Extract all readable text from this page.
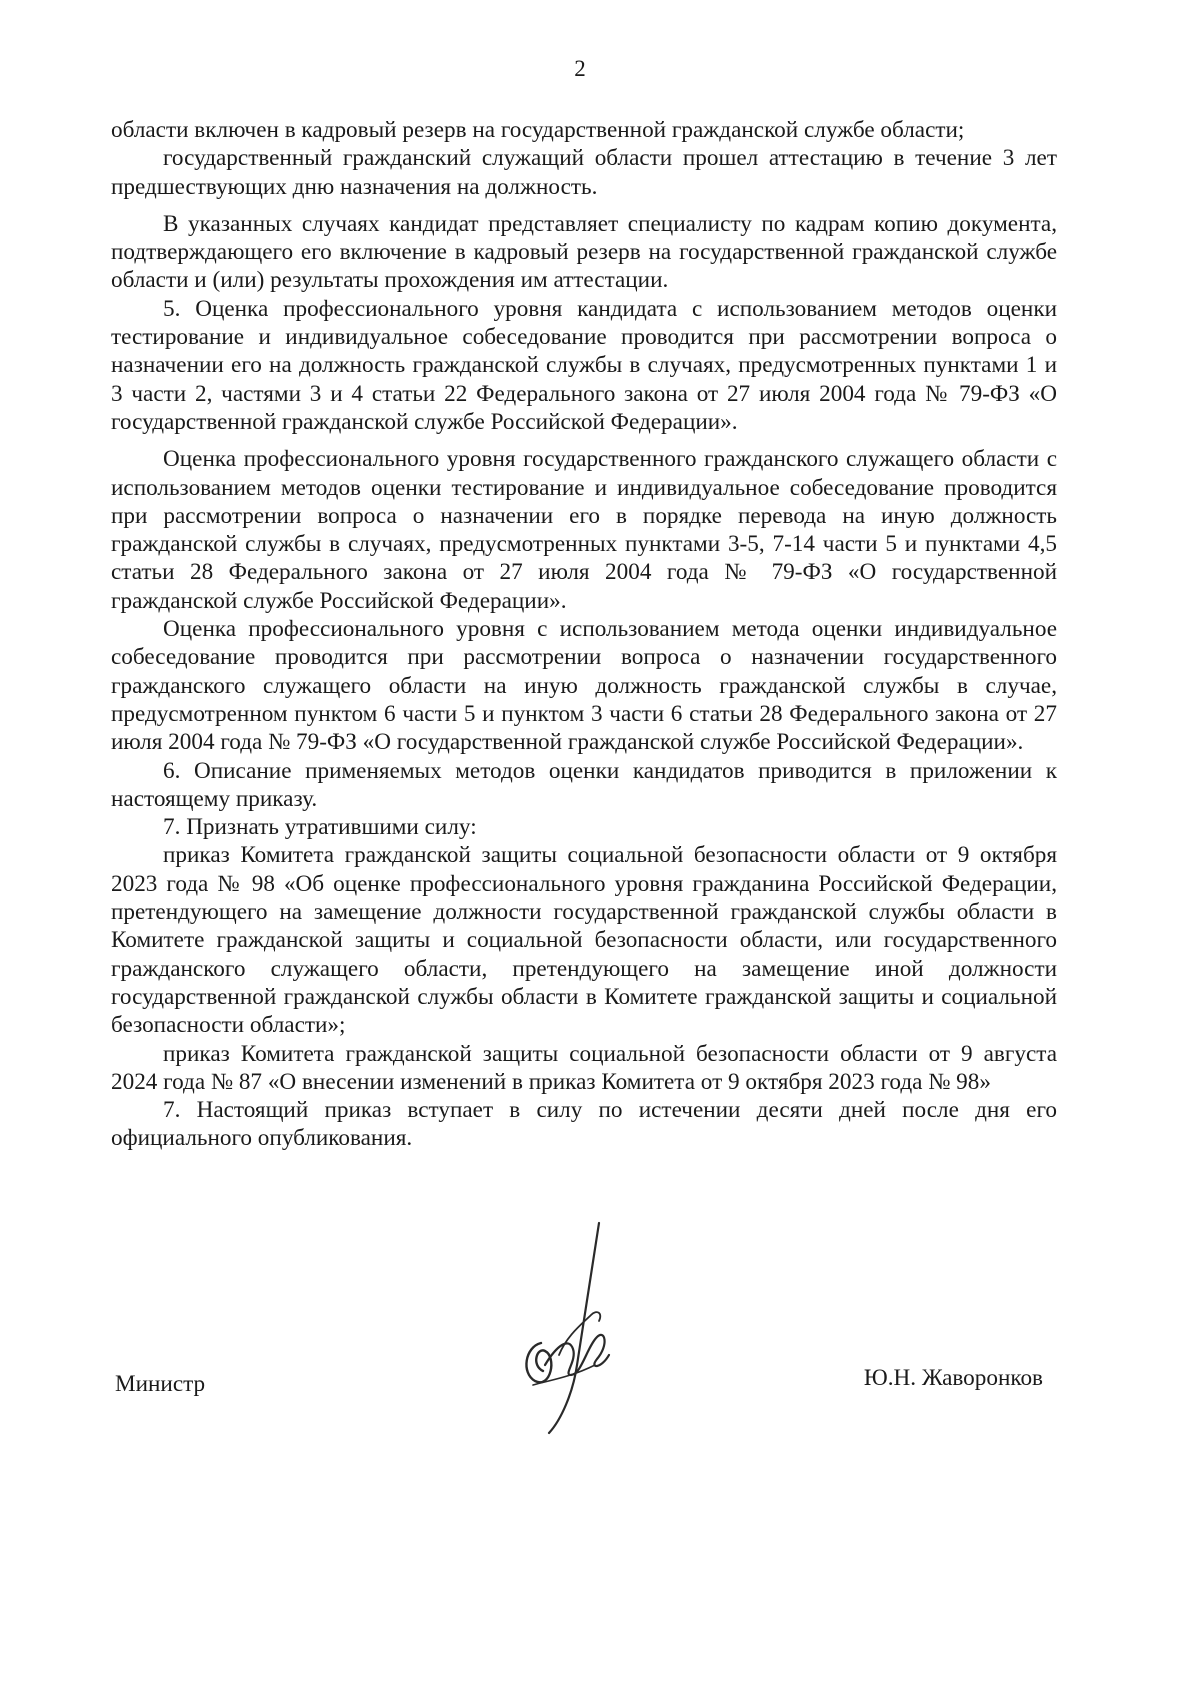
2

области включен в кадровый резерв на государственной гражданской службе области;

государственный гражданский служащий области прошел аттестацию в течение 3 лет предшествующих дню назначения на должность.

В указанных случаях кандидат представляет специалисту по кадрам копию документа, подтверждающего его включение в кадровый резерв на государственной гражданской службе области и (или) результаты прохождения им аттестации.

5. Оценка профессионального уровня кандидата с использованием методов оценки тестирование и индивидуальное собеседование проводится при рассмотрении вопроса о назначении его на должность гражданской службы в случаях, предусмотренных пунктами 1 и 3 части 2, частями 3 и 4 статьи 22 Федерального закона от 27 июля 2004 года № 79-ФЗ «О государственной гражданской службе Российской Федерации».

Оценка профессионального уровня государственного гражданского служащего области с использованием методов оценки тестирование и индивидуальное собеседование проводится при рассмотрении вопроса о назначении его в порядке перевода на иную должность гражданской службы в случаях, предусмотренных пунктами 3-5, 7-14 части 5 и пунктами 4,5 статьи 28 Федерального закона от 27 июля 2004 года № 79-ФЗ «О государственной гражданской службе Российской Федерации».

Оценка профессионального уровня с использованием метода оценки индивидуальное собеседование проводится при рассмотрении вопроса о назначении государственного гражданского служащего области на иную должность гражданской службы в случае, предусмотренном пунктом 6 части 5 и пунктом 3 части 6 статьи 28 Федерального закона от 27 июля 2004 года № 79-ФЗ «О государственной гражданской службе Российской Федерации».

6. Описание применяемых методов оценки кандидатов приводится в приложении к настоящему приказу.

7. Признать утратившими силу:

приказ Комитета гражданской защиты социальной безопасности области от 9 октября 2023 года № 98 «Об оценке профессионального уровня гражданина Российской Федерации, претендующего на замещение должности государственной гражданской службы области в Комитете гражданской защиты и социальной безопасности области, или государственного гражданского служащего области, претендующего на замещение иной должности государственной гражданской службы области в Комитете гражданской защиты и социальной безопасности области»;

приказ Комитета гражданской защиты социальной безопасности области от 9 августа 2024 года № 87 «О внесении изменений в приказ Комитета от 9 октября 2023 года № 98»

7. Настоящий приказ вступает в силу по истечении десяти дней после дня его официального опубликования.

Министр	Ю.Н. Жаворонков
